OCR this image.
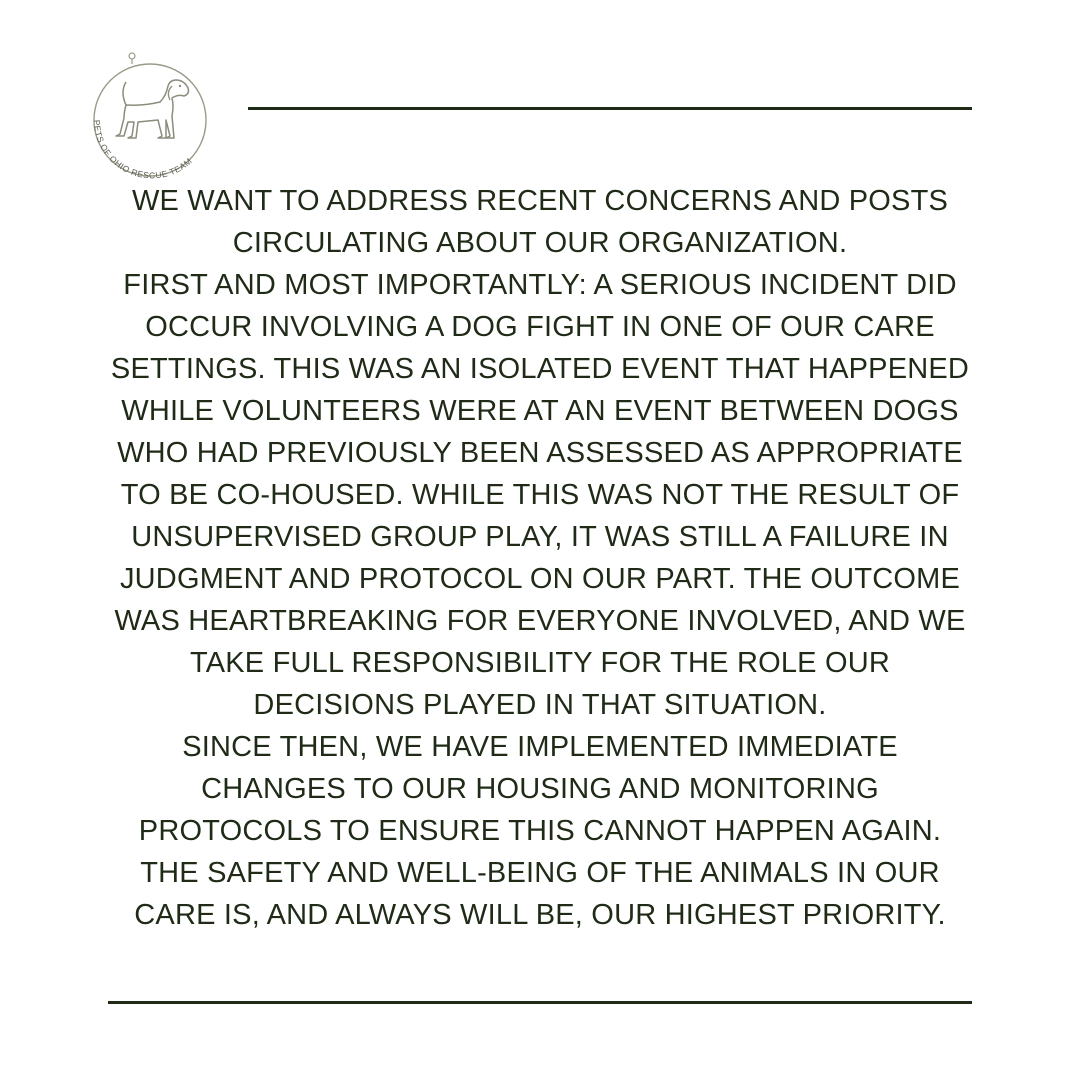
PETS OF OHIO RESCUE TEAM

WE WANT TO ADDRESS RECENT CONCERNS AND POSTS CIRCULATING ABOUT OUR ORGANIZATION.

FIRST AND MOST IMPORTANTLY: A SERIOUS INCIDENT DID OCCUR INVOLVING A DOG FIGHT IN ONE OF OUR CARE SETTINGS. THIS WAS AN ISOLATED EVENT THAT HAPPENED WHILE VOLUNTEERS WERE AT AN EVENT BETWEEN DOGS WHO HAD PREVIOUSLY BEEN ASSESSED AS APPROPRIATE TO BE CO-HOUSED. WHILE THIS WAS NOT THE RESULT OF UNSUPERVISED GROUP PLAY, IT WAS STILL A FAILURE IN JUDGMENT AND PROTOCOL ON OUR PART. THE OUTCOME WAS HEARTBREAKING FOR EVERYONE INVOLVED, AND WE TAKE FULL RESPONSIBILITY FOR THE ROLE OUR DECISIONS PLAYED IN THAT SITUATION.

SINCE THEN, WE HAVE IMPLEMENTED IMMEDIATE CHANGES TO OUR HOUSING AND MONITORING PROTOCOLS TO ENSURE THIS CANNOT HAPPEN AGAIN. THE SAFETY AND WELL-BEING OF THE ANIMALS IN OUR CARE IS, AND ALWAYS WILL BE, OUR HIGHEST PRIORITY.
